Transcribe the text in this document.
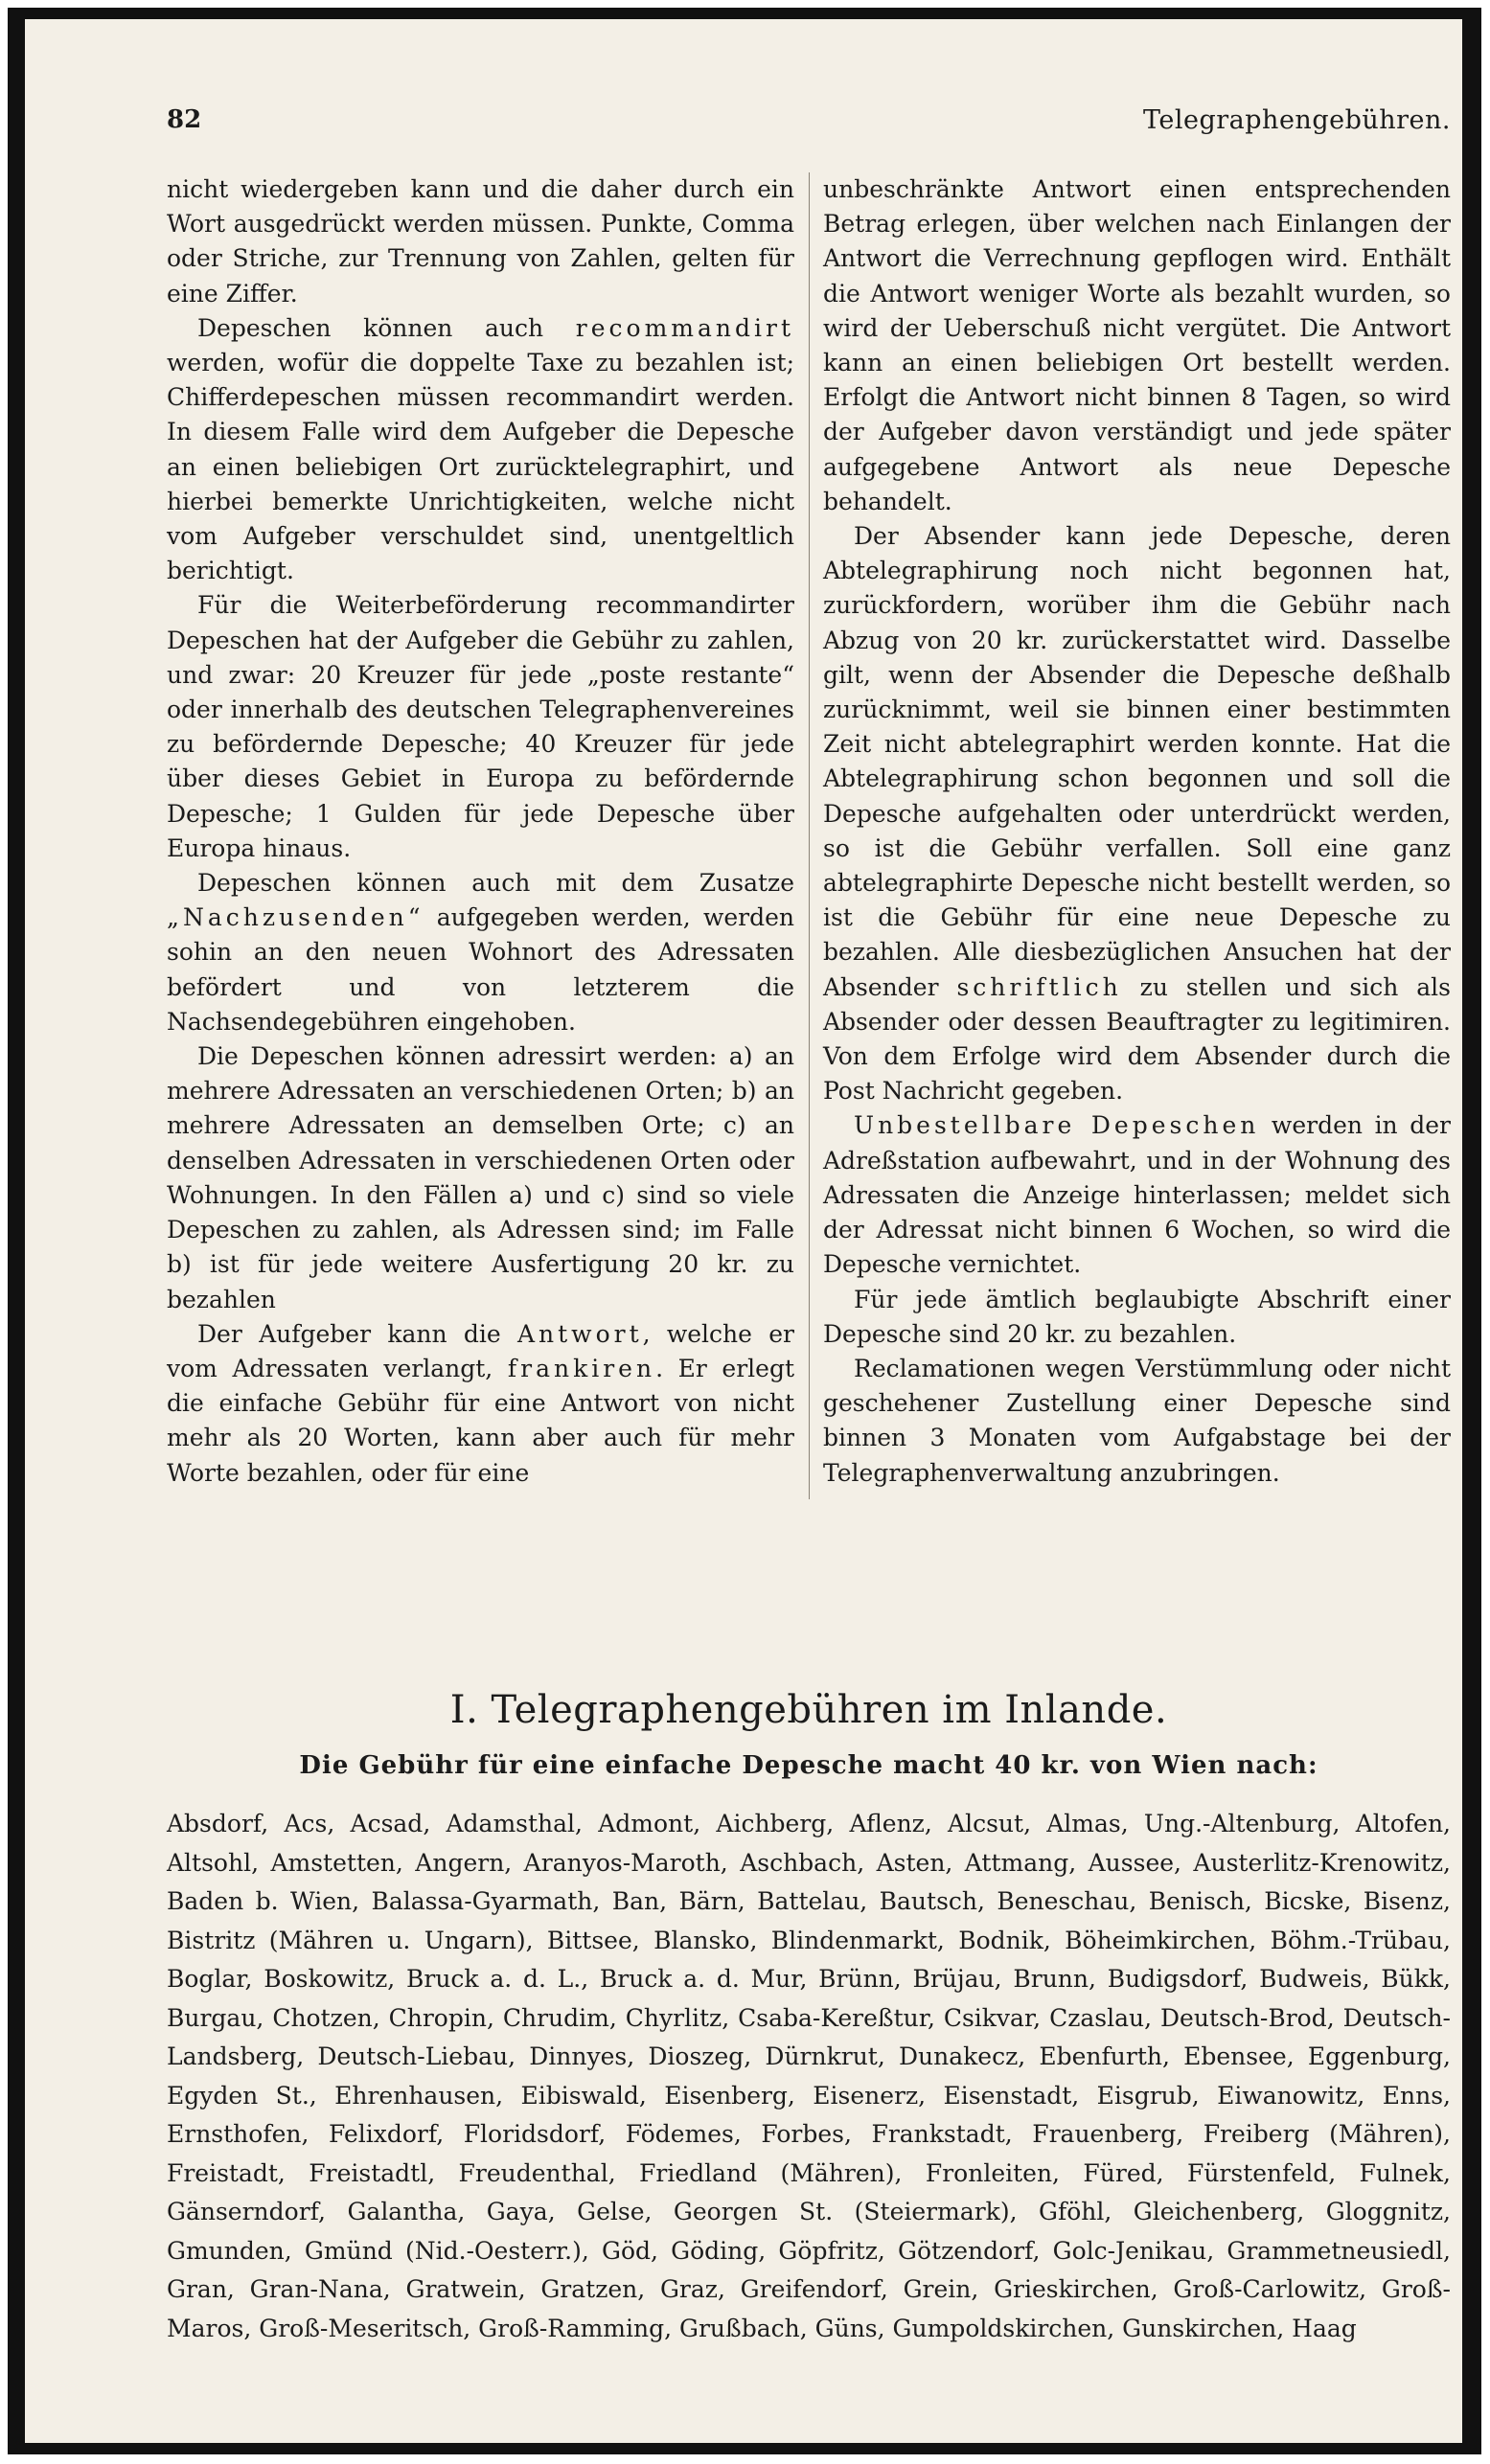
82	Telegraphengebühren.

nicht wiedergeben kann und die daher durch ein Wort ausgedrückt werden müssen. Punkte, Comma oder Striche, zur Trennung von Zahlen, gelten für eine Ziffer.

Depeschen können auch recommandirt werden, wofür die doppelte Taxe zu bezahlen ist; Chifferdepeschen müssen recommandirt werden. In diesem Falle wird dem Aufgeber die Depesche an einen beliebigen Ort zurücktelegraphirt, und hierbei bemerkte Unrichtigkeiten, welche nicht vom Aufgeber verschuldet sind, unentgeltlich berichtigt.

Für die Weiterbeförderung recommandirter Depeschen hat der Aufgeber die Gebühr zu zahlen, und zwar: 20 Kreuzer für jede „poste restante“ oder innerhalb des deutschen Telegraphenvereines zu befördernde Depesche; 40 Kreuzer für jede über dieses Gebiet in Europa zu befördernde Depesche; 1 Gulden für jede Depesche über Europa hinaus.

Depeschen können auch mit dem Zusatze „Nachzusenden“ aufgegeben werden, werden sohin an den neuen Wohnort des Adressaten befördert und von letzterem die Nachsendegebühren eingehoben.

Die Depeschen können adressirt werden: a) an mehrere Adressaten an verschiedenen Orten; b) an mehrere Adressaten an demselben Orte; c) an denselben Adressaten in verschiedenen Orten oder Wohnungen. In den Fällen a) und c) sind so viele Depeschen zu zahlen, als Adressen sind; im Falle b) ist für jede weitere Ausfertigung 20 kr. zu bezahlen

Der Aufgeber kann die Antwort, welche er vom Adressaten verlangt, frankiren. Er erlegt die einfache Gebühr für eine Antwort von nicht mehr als 20 Worten, kann aber auch für mehr Worte bezahlen, oder für eine

unbeschränkte Antwort einen entsprechenden Betrag erlegen, über welchen nach Einlangen der Antwort die Verrechnung gepflogen wird. Enthält die Antwort weniger Worte als bezahlt wurden, so wird der Ueberschuß nicht vergütet. Die Antwort kann an einen beliebigen Ort bestellt werden. Erfolgt die Antwort nicht binnen 8 Tagen, so wird der Aufgeber davon verständigt und jede später aufgegebene Antwort als neue Depesche behandelt.

Der Absender kann jede Depesche, deren Abtelegraphirung noch nicht begonnen hat, zurückfordern, worüber ihm die Gebühr nach Abzug von 20 kr. zurückerstattet wird. Dasselbe gilt, wenn der Absender die Depesche deßhalb zurücknimmt, weil sie binnen einer bestimmten Zeit nicht abtelegraphirt werden konnte. Hat die Abtelegraphirung schon begonnen und soll die Depesche aufgehalten oder unterdrückt werden, so ist die Gebühr verfallen. Soll eine ganz abtelegraphirte Depesche nicht bestellt werden, so ist die Gebühr für eine neue Depesche zu bezahlen. Alle diesbezüglichen Ansuchen hat der Absender schriftlich zu stellen und sich als Absender oder dessen Beauftragter zu legitimiren. Von dem Erfolge wird dem Absender durch die Post Nachricht gegeben.

Unbestellbare Depeschen werden in der Adreßstation aufbewahrt, und in der Wohnung des Adressaten die Anzeige hinterlassen; meldet sich der Adressat nicht binnen 6 Wochen, so wird die Depesche vernichtet.

Für jede ämtlich beglaubigte Abschrift einer Depesche sind 20 kr. zu bezahlen.

Reclamationen wegen Verstümmlung oder nicht geschehener Zustellung einer Depesche sind binnen 3 Monaten vom Aufgabstage bei der Telegraphenverwaltung anzubringen.

I. Telegraphengebühren im Inlande.
Die Gebühr für eine einfache Depesche macht 40 kr. von Wien nach:

Absdorf, Acs, Acsad, Adamsthal, Admont, Aichberg, Aflenz, Alcsut, Almas, Ung.-Altenburg, Altofen, Altsohl, Amstetten, Angern, Aranyos-Maroth, Aschbach, Asten, Attmang, Aussee, Austerlitz-Krenowitz, Baden b. Wien, Balassa-Gyarmath, Ban, Bärn, Battelau, Bautsch, Beneschau, Benisch, Bicske, Bisenz, Bistritz (Mähren u. Ungarn), Bittsee, Blansko, Blindenmarkt, Bodnik, Böheimkirchen, Böhm.-Trübau, Boglar, Boskowitz, Bruck a. d. L., Bruck a. d. Mur, Brünn, Brüjau, Brunn, Budigsdorf, Budweis, Bükk, Burgau, Chotzen, Chropin, Chrudim, Chyrlitz, Csaba-Kereßtur, Csikvar, Czaslau, Deutsch-Brod, Deutsch-Landsberg, Deutsch-Liebau, Dinnyes, Dioszeg, Dürnkrut, Dunakecz, Ebenfurth, Ebensee, Eggenburg, Egyden St., Ehrenhausen, Eibiswald, Eisenberg, Eisenerz, Eisenstadt, Eisgrub, Eiwanowitz, Enns, Ernsthofen, Felixdorf, Floridsdorf, Födemes, Forbes, Frankstadt, Frauenberg, Freiberg (Mähren), Freistadt, Freistadtl, Freudenthal, Friedland (Mähren), Fronleiten, Füred, Fürstenfeld, Fulnek, Gänserndorf, Galantha, Gaya, Gelse, Georgen St. (Steiermark), Gföhl, Gleichenberg, Gloggnitz, Gmunden, Gmünd (Nid.-Oesterr.), Göd, Göding, Göpfritz, Götzendorf, Golc-Jenikau, Grammetneusiedl, Gran, Gran-Nana, Gratwein, Gratzen, Graz, Greifendorf, Grein, Grieskirchen, Groß-Carlowitz, Groß-Maros, Groß-Meseritsch, Groß-Ramming, Grußbach, Güns, Gumpoldskirchen, Gunskirchen, Haag
